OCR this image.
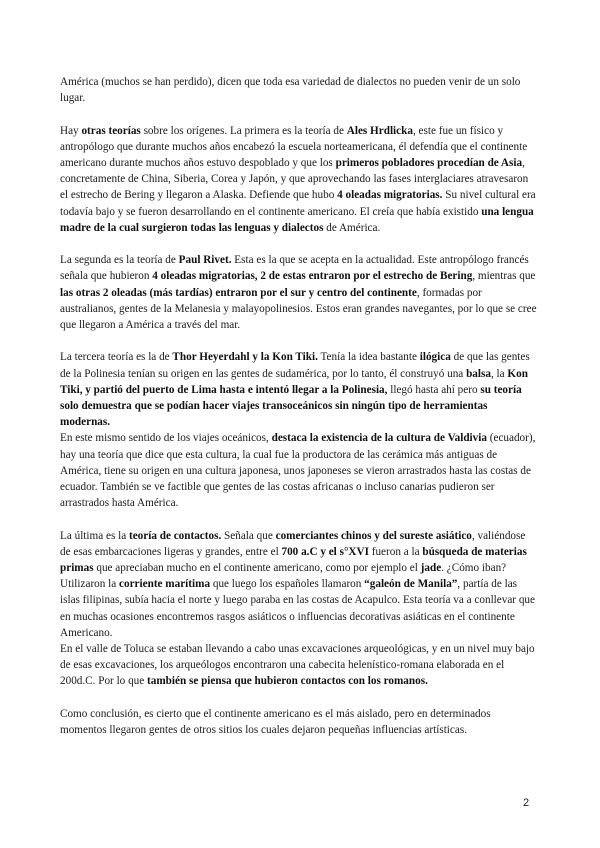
América (muchos se han perdido), dicen que toda esa variedad de dialectos no pueden venir de un solo lugar.

Hay otras teorías sobre los orígenes. La primera es la teoría de Ales Hrdlicka, este fue un físico y antropólogo que durante muchos años encabezó la escuela norteamericana, él defendía que el continente americano durante muchos años estuvo despoblado y que los primeros pobladores procedían de Asia, concretamente de China, Siberia, Corea y Japón, y que aprovechando las fases interglaciares atravesaron el estrecho de Bering y llegaron a Alaska. Defiende que hubo 4 oleadas migratorias. Su nivel cultural era todavía bajo y se fueron desarrollando en el continente americano. El creía que había existido una lengua madre de la cual surgieron todas las lenguas y dialectos de América.

La segunda es la teoría de Paul Rivet. Esta es la que se acepta en la actualidad. Este antropólogo francés señala que hubieron 4 oleadas migratorias, 2 de estas entraron por el estrecho de Bering, mientras que las otras 2 oleadas (más tardías) entraron por el sur y centro del continente, formadas por australianos, gentes de la Melanesia y malayopolinesios. Estos eran grandes navegantes, por lo que se cree que llegaron a América a través del mar.

La tercera teoría es la de Thor Heyerdahl y la Kon Tiki. Tenía la idea bastante ilógica de que las gentes de la Polinesia tenían su origen en las gentes de sudamérica, por lo tanto, él construyó una balsa, la Kon Tiki, y partió del puerto de Lima hasta e intentó llegar a la Polinesia, llegó hasta ahí pero su teoría solo demuestra que se podían hacer viajes transoceánicos sin ningún tipo de herramientas modernas.

En este mismo sentido de los viajes oceánicos, destaca la existencia de la cultura de Valdivia (ecuador), hay una teoría que dice que esta cultura, la cual fue la productora de las cerámica más antiguas de América, tiene su origen en una cultura japonesa, unos japoneses se vieron arrastrados hasta las costas de ecuador. También se ve factible que gentes de las costas africanas o incluso canarias pudieron ser arrastrados hasta América.

La última es la teoría de contactos. Señala que comerciantes chinos y del sureste asiático, valiéndose de esas embarcaciones ligeras y grandes, entre el 700 a.C y el s°XVI fueron a la búsqueda de materias primas que apreciaban mucho en el continente americano, como por ejemplo el jade. ¿Cómo iban? Utilizaron la corriente marítima que luego los españoles llamaron “galeón de Manila”, partía de las islas filipinas, subía hacia el norte y luego paraba en las costas de Acapulco. Esta teoría va a conllevar que en muchas ocasiones encontremos rasgos asiáticos o influencias decorativas asiáticas en el continente Americano.

En el valle de Toluca se estaban llevando a cabo unas excavaciones arqueológicas, y en un nivel muy bajo de esas excavaciones, los arqueólogos encontraron una cabecita helenístico-romana elaborada en el 200d.C. Por lo que también se piensa que hubieron contactos con los romanos.

Como conclusión, es cierto que el continente americano es el más aislado, pero en determinados momentos llegaron gentes de otros sitios los cuales dejaron pequeñas influencias artísticas.

2
